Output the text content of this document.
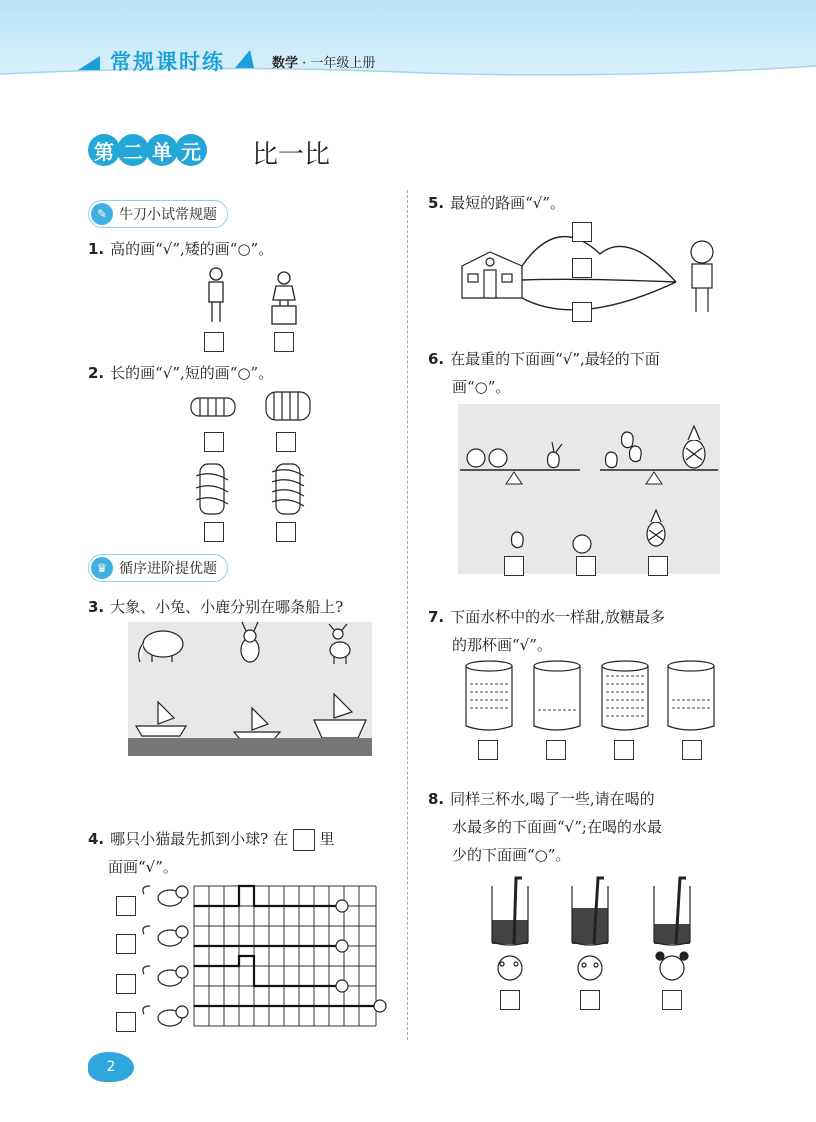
常规课时练	数学 · 一年级上册
第 二 单 元 比一比
✎ 牛刀小试常规题
1. 高的画“√”,矮的画“○”。
2. 长的画“√”,短的画“○”。
♛ 循序进阶提优题
3. 大象、小兔、小鹿分别在哪条船上?
4. 哪只小猫最先抓到小球? 在 里
面画“√”。
5. 最短的路画“√”。
6. 在最重的下面画“√”,最轻的下面
画“○”。
7. 下面水杯中的水一样甜,放糖最多
的那杯画“√”。
8. 同样三杯水,喝了一些,请在喝的
水最多的下面画“√”;在喝的水最
少的下面画“○”。
2
